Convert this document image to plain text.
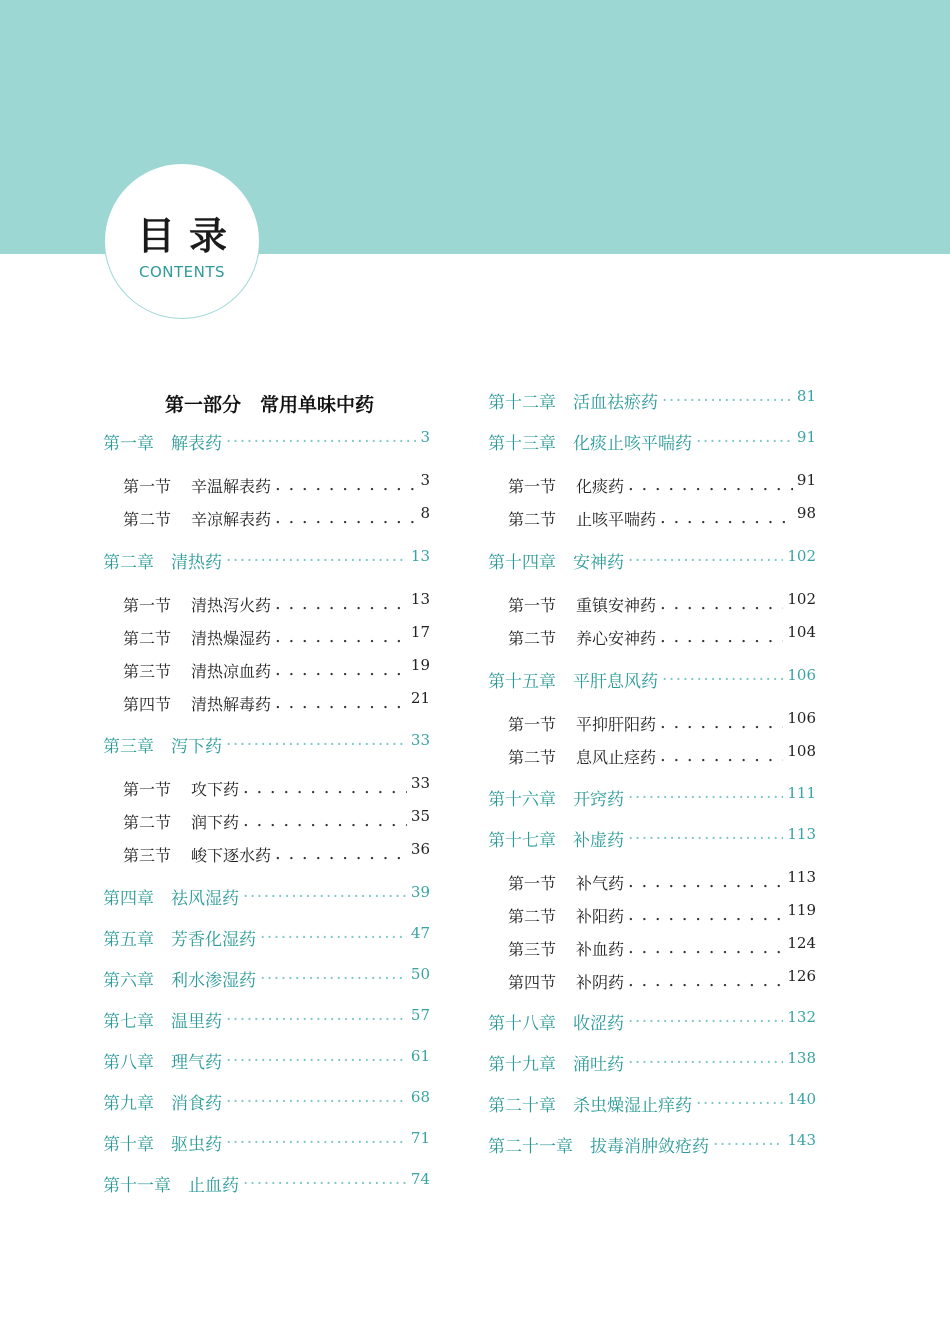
目录
CONTENTS
第一部分　常用单味中药
第一章 解表药 ·····	3
第一节 辛温解表药 . . .	3
第二节 辛凉解表药 . . .	8
第二章 清热药 ·····	13
第一节 清热泻火药 . . .	13
第二节 清热燥湿药 . . .	17
第三节 清热凉血药 . . .	19
第四节 清热解毒药 . . .	21
第三章 泻下药 ·····	33
第一节 攻下药 . . .	33
第二节 润下药 . . .	35
第三节 峻下逐水药 . . .	36
第四章 祛风湿药 ·····	39
第五章 芳香化湿药 ·····	47
第六章 利水渗湿药 ·····	50
第七章 温里药 ·····	57
第八章 理气药 ·····	61
第九章 消食药 ·····	68
第十章 驱虫药 ·····	71
第十一章 止血药 ·····	74
第十二章 活血祛瘀药 ·····	81
第十三章 化痰止咳平喘药 ·····	91
第一节 化痰药 . . .	91
第二节 止咳平喘药 . . .	98
第十四章 安神药 ·····	102
第一节 重镇安神药 . . .	102
第二节 养心安神药 . . .	104
第十五章 平肝息风药 ·····	106
第一节 平抑肝阳药 . . .	106
第二节 息风止痉药 . . .	108
第十六章 开窍药 ·····	111
第十七章 补虚药 ·····	113
第一节 补气药 . . .	113
第二节 补阳药 . . .	119
第三节 补血药 . . .	124
第四节 补阴药 . . .	126
第十八章 收涩药 ·····	132
第十九章 涌吐药 ·····	138
第二十章 杀虫燥湿止痒药 ·····	140
第二十一章 拔毒消肿敛疮药 ·····	143
